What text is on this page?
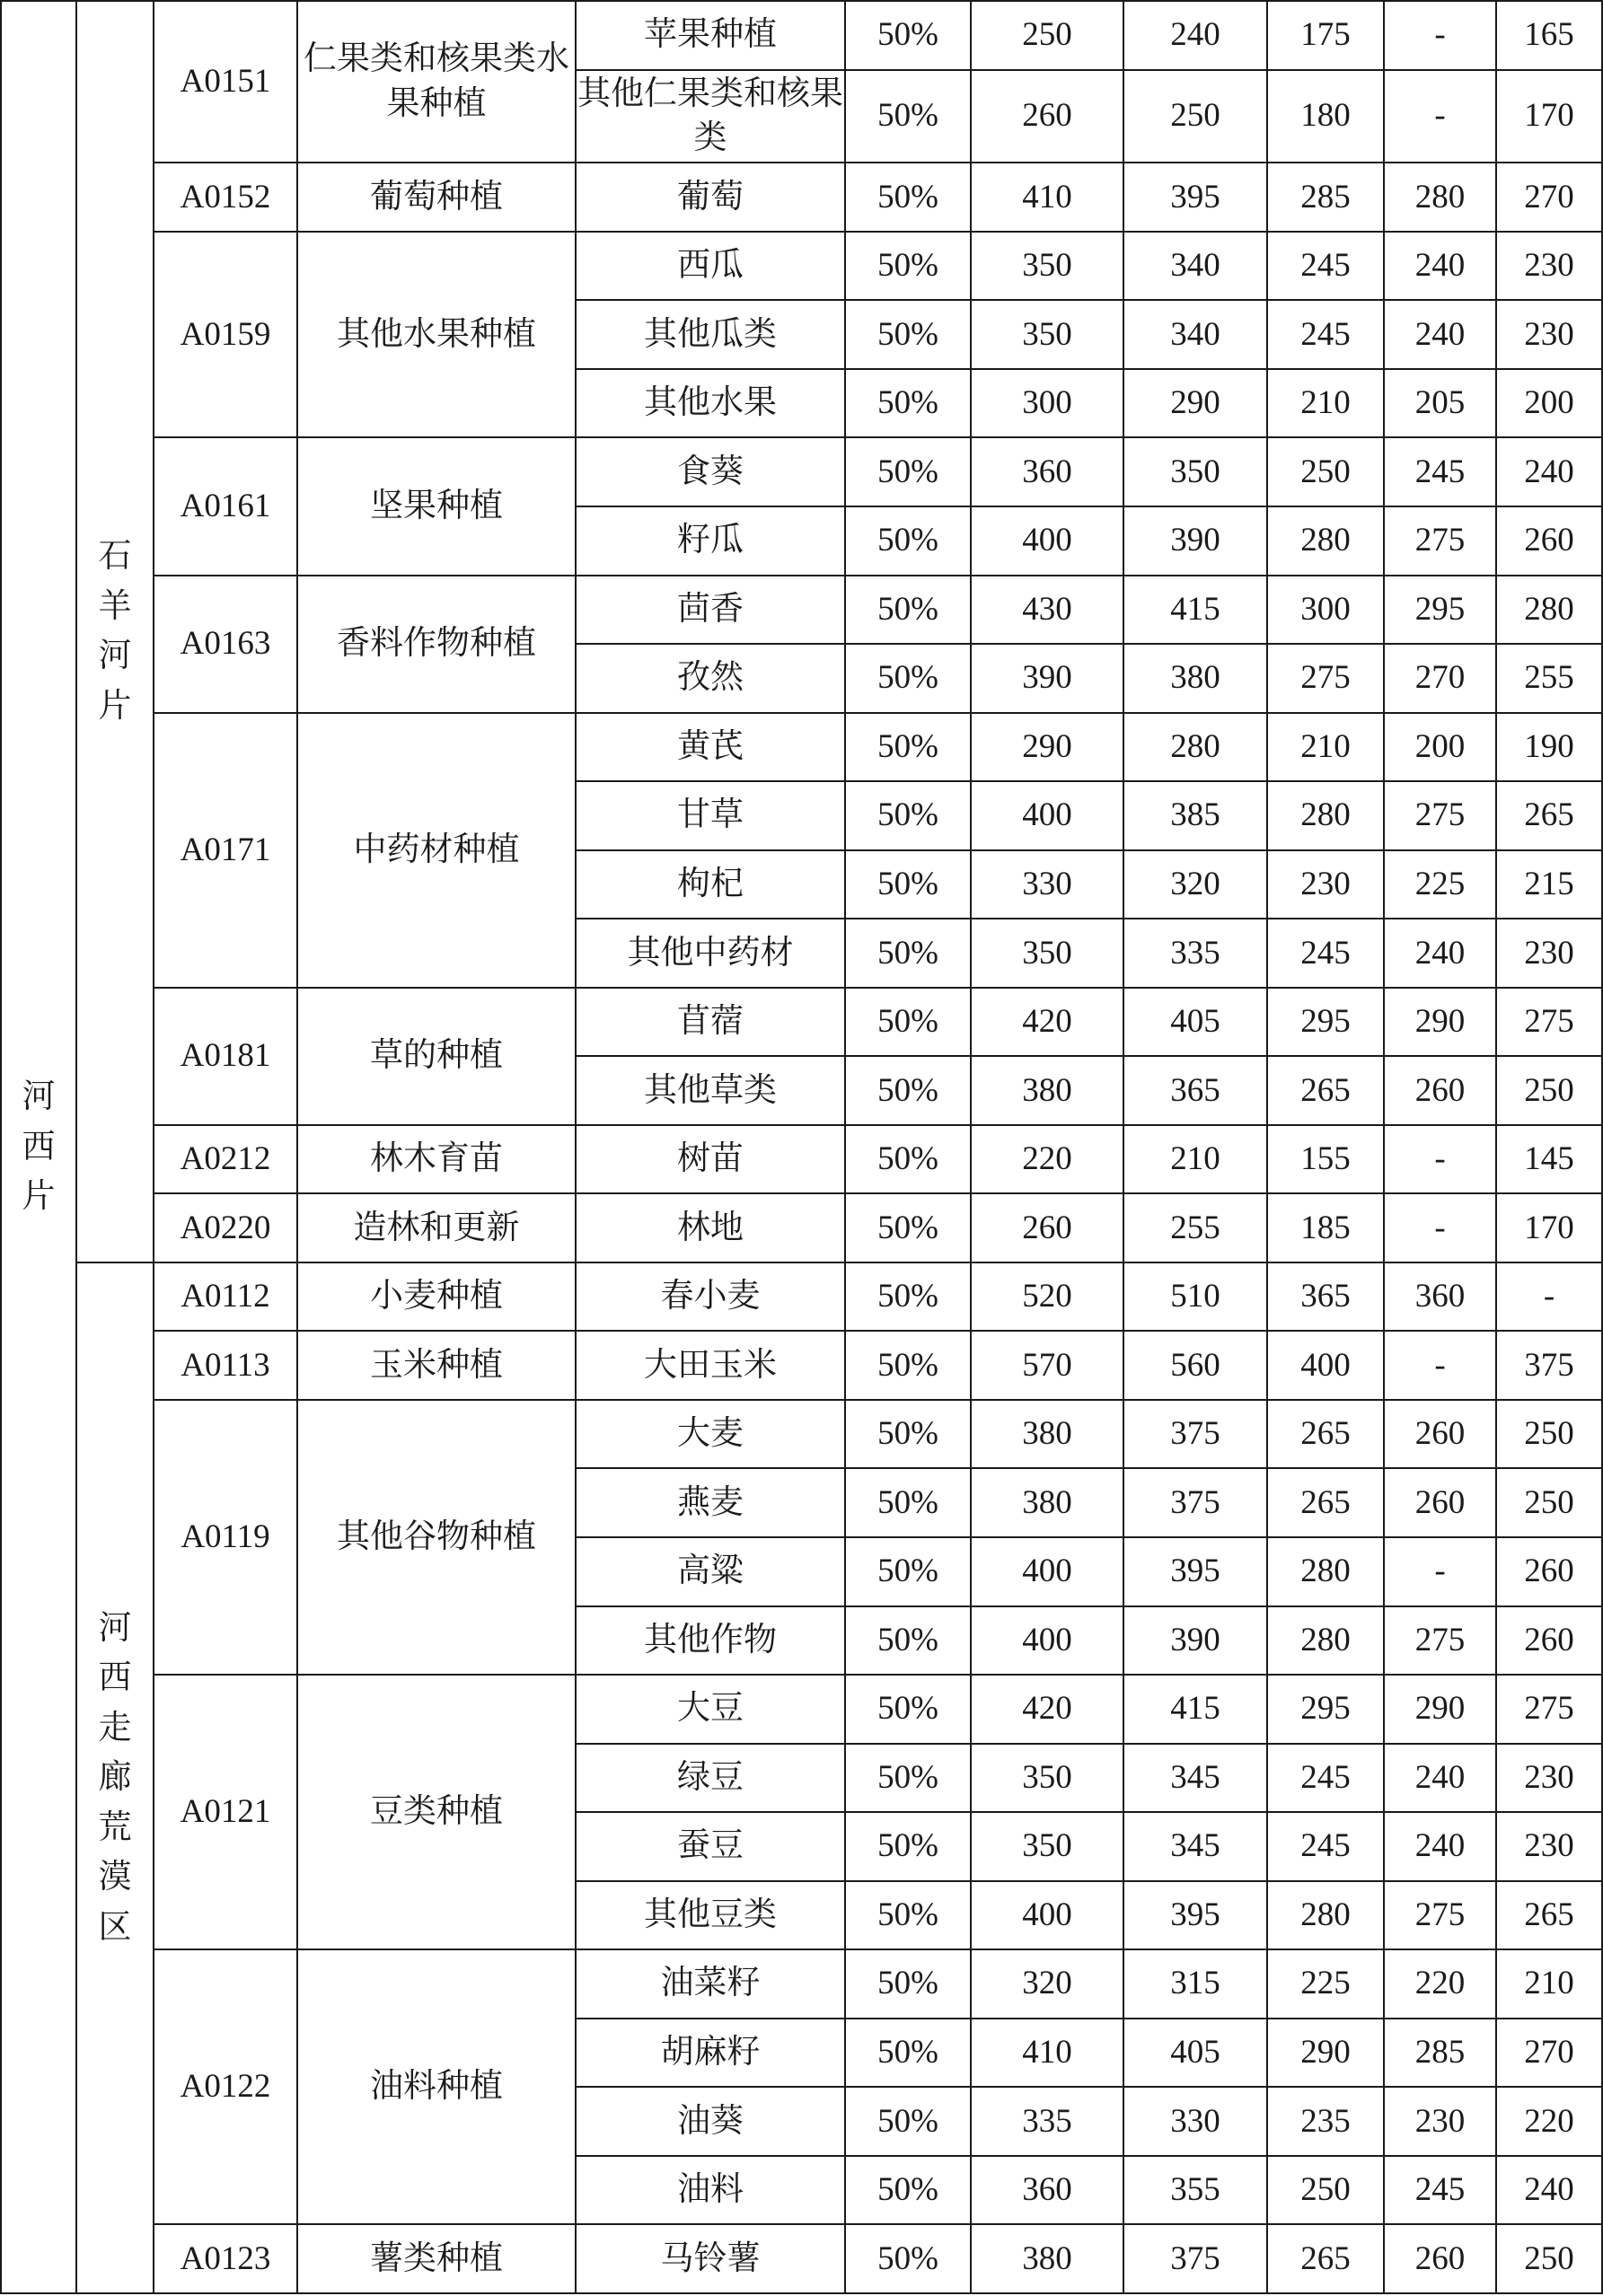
河西片	石羊河片	A0151	仁果类和核果类水果种植	苹果种植	50%	250	240	175	-	165
				其他仁果类和核果类	50%	260	250	180	-	170
		A0152	葡萄种植	葡萄	50%	410	395	285	280	270
		A0159	其他水果种植	西瓜	50%	350	340	245	240	230
				其他瓜类	50%	350	340	245	240	230
				其他水果	50%	300	290	210	205	200
		A0161	坚果种植	食葵	50%	360	350	250	245	240
				籽瓜	50%	400	390	280	275	260
		A0163	香料作物种植	茴香	50%	430	415	300	295	280
				孜然	50%	390	380	275	270	255
		A0171	中药材种植	黄芪	50%	290	280	210	200	190
				甘草	50%	400	385	280	275	265
				枸杞	50%	330	320	230	225	215
				其他中药材	50%	350	335	245	240	230
		A0181	草的种植	苜蓿	50%	420	405	295	290	275
				其他草类	50%	380	365	265	260	250
		A0212	林木育苗	树苗	50%	220	210	155	-	145
		A0220	造林和更新	林地	50%	260	255	185	-	170

	河西走廊荒漠区	A0112	小麦种植	春小麦	50%	520	510	365	360	-
		A0113	玉米种植	大田玉米	50%	570	560	400	-	375
		A0119	其他谷物种植	大麦	50%	380	375	265	260	250
				燕麦	50%	380	375	265	260	250
				高粱	50%	400	395	280	-	260
				其他作物	50%	400	390	280	275	260
		A0121	豆类种植	大豆	50%	420	415	295	290	275
				绿豆	50%	350	345	245	240	230
				蚕豆	50%	350	345	245	240	230
				其他豆类	50%	400	395	280	275	265
		A0122	油料种植	油菜籽	50%	320	315	225	220	210
				胡麻籽	50%	410	405	290	285	270
				油葵	50%	335	330	235	230	220
				油料	50%	360	355	250	245	240
		A0123	薯类种植	马铃薯	50%	380	375	265	260	250
